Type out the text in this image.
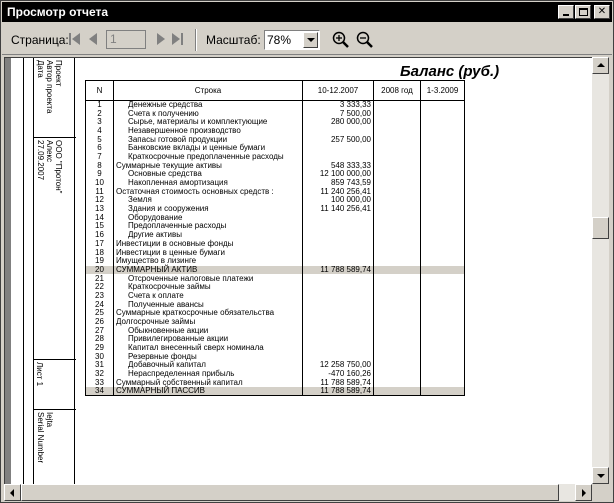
Просмотр отчета	✕
Страница:	1	Масштаб: 78%
Проект
Автор проекта
Дата
ООО "Протон"
Алекс
27.09.2007
Лист 1
Iejta
Serial Number
Баланс (руб.)
N	Строка	10-12.2007	2008 год	1-3.2009
1	Денежные средства	3 333,33		
2	Счета к получению	7 500,00		
3	Сырье, материалы и комплектующие	280 000,00		
4	Незавершенное производство			
5	Запасы готовой продукции	257 500,00		
6	Банковские вклады и ценные бумаги			
7	Краткосрочные предоплаченные расходы			
8	Суммарные текущие активы	548 333,33		
9	Основные средства	12 100 000,00		
10	Накопленная амортизация	859 743,59		
11	Остаточная стоимость основных средств :	11 240 256,41		
12	Земля	100 000,00		
13	Здания и сооружения	11 140 256,41		
14	Оборудование			
15	Предоплаченные расходы			
16	Другие активы			
17	Инвестиции в основные фонды			
18	Инвестиции в ценные бумаги			
19	Имущество в лизинге			
20	СУММАРНЫЙ АКТИВ	11 788 589,74		
21	Отсроченные налоговые платежи			
22	Краткосрочные займы			
23	Счета к оплате			
24	Полученные авансы			
25	Суммарные краткосрочные обязательства			
26	Долгосрочные займы			
27	Обыкновенные акции			
28	Привилегированные акции			
29	Капитал внесенный сверх номинала			
30	Резервные фонды			
31	Добавочный капитал	12 258 750,00		
32	Нераспределенная прибыль	-470 160,26		
33	Суммарный собственный капитал	11 788 589,74		
34	СУММАРНЫЙ ПАССИВ	11 788 589,74		
